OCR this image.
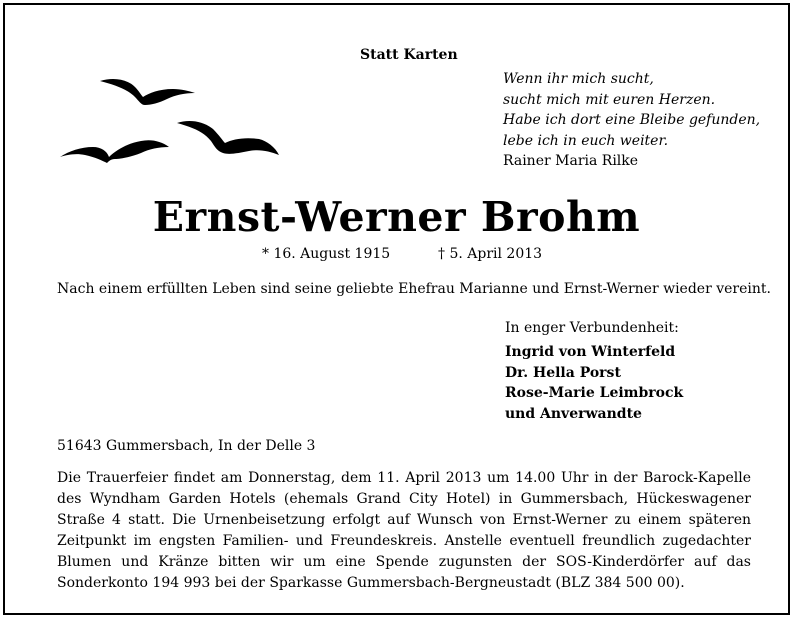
Statt Karten
Wenn ihr mich sucht,
sucht mich mit euren Herzen.
Habe ich dort eine Bleibe gefunden,
lebe ich in euch weiter.
Rainer Maria Rilke
Ernst-Werner Brohm
* 16. August 1915	† 5. April 2013
Nach einem erfüllten Leben sind seine geliebte Ehefrau Marianne und Ernst-Werner wieder vereint.
In enger Verbundenheit:
Ingrid von Winterfeld
Dr. Hella Porst
Rose-Marie Leimbrock
und Anverwandte
51643 Gummersbach, In der Delle 3
Die Trauerfeier findet am Donnerstag, dem 11. April 2013 um 14.00 Uhr in der Barock-Kapelle des Wyndham Garden Hotels (ehemals Grand City Hotel) in Gummersbach, Hückeswagener Straße 4 statt. Die Urnenbeisetzung erfolgt auf Wunsch von Ernst-Werner zu einem späteren Zeitpunkt im engsten Familien- und Freundeskreis. Anstelle eventuell freundlich zugedachter Blumen und Kränze bitten wir um eine Spende zugunsten der SOS-Kinderdörfer auf das Sonderkonto 194 993 bei der Sparkasse Gummersbach-Bergneustadt (BLZ 384 500 00).
